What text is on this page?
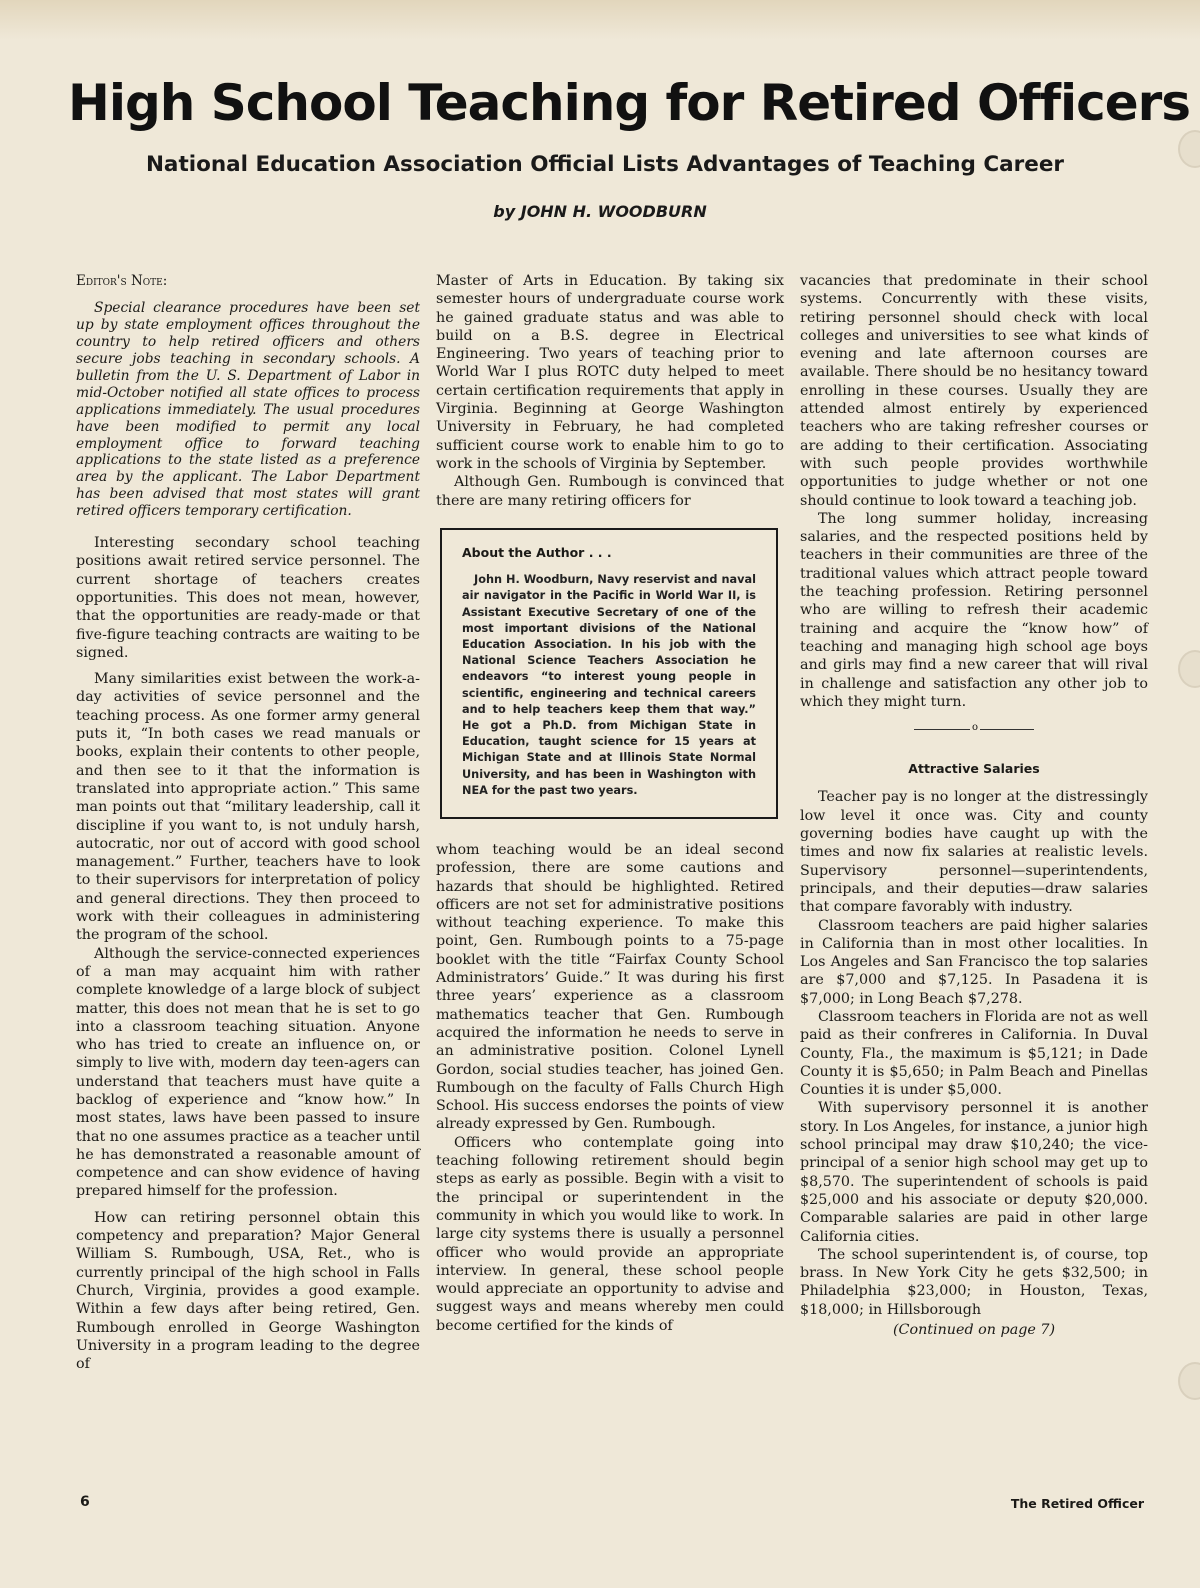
High School Teaching for Retired Officers
National Education Association Official Lists Advantages of Teaching Career
by JOHN H. WOODBURN

Editor's Note:

Special clearance procedures have been set up by state employment offices throughout the country to help retired officers and others secure jobs teaching in secondary schools. A bulletin from the U. S. Department of Labor in mid-October notified all state offices to process applications immediately. The usual procedures have been modified to permit any local employment office to forward teaching applications to the state listed as a preference area by the applicant. The Labor Department has been advised that most states will grant retired officers temporary certification.

Interesting secondary school teaching positions await retired service personnel. The current shortage of teachers creates opportunities. This does not mean, however, that the opportunities are ready-made or that five-figure teaching contracts are waiting to be signed.

Many similarities exist between the work-a-day activities of sevice personnel and the teaching process. As one former army general puts it, “In both cases we read manuals or books, explain their contents to other people, and then see to it that the information is translated into appropriate action.” This same man points out that “military leadership, call it discipline if you want to, is not unduly harsh, autocratic, nor out of accord with good school management.” Further, teachers have to look to their supervisors for interpretation of policy and general directions. They then proceed to work with their colleagues in administering the program of the school.

Although the service-connected experiences of a man may acquaint him with rather complete knowledge of a large block of subject matter, this does not mean that he is set to go into a classroom teaching situation. Anyone who has tried to create an influence on, or simply to live with, modern day teen-agers can understand that teachers must have quite a backlog of experience and “know how.” In most states, laws have been passed to insure that no one assumes practice as a teacher until he has demonstrated a reasonable amount of competence and can show evidence of having prepared himself for the profession.

How can retiring personnel obtain this competency and preparation? Major General William S. Rumbough, USA, Ret., who is currently principal of the high school in Falls Church, Virginia, provides a good example. Within a few days after being retired, Gen. Rumbough enrolled in George Washington University in a program leading to the degree of

Master of Arts in Education. By taking six semester hours of undergraduate course work he gained graduate status and was able to build on a B.S. degree in Electrical Engineering. Two years of teaching prior to World War I plus ROTC duty helped to meet certain certification requirements that apply in Virginia. Beginning at George Washington University in February, he had completed sufficient course work to enable him to go to work in the schools of Virginia by September.

Although Gen. Rumbough is convinced that there are many retiring officers for

About the Author . . .
John H. Woodburn, Navy reservist and naval air navigator in the Pacific in World War II, is Assistant Executive Secretary of one of the most important divisions of the National Education Association. In his job with the National Science Teachers Association he endeavors “to interest young people in scientific, engineering and technical careers and to help teachers keep them that way.” He got a Ph.D. from Michigan State in Education, taught science for 15 years at Michigan State and at Illinois State Normal University, and has been in Washington with NEA for the past two years.

whom teaching would be an ideal second profession, there are some cautions and hazards that should be highlighted. Retired officers are not set for administrative positions without teaching experience. To make this point, Gen. Rumbough points to a 75-page booklet with the title “Fairfax County School Administrators’ Guide.” It was during his first three years’ experience as a classroom mathematics teacher that Gen. Rumbough acquired the information he needs to serve in an administrative position. Colonel Lynell Gordon, social studies teacher, has joined Gen. Rumbough on the faculty of Falls Church High School. His success endorses the points of view already expressed by Gen. Rumbough.

Officers who contemplate going into teaching following retirement should begin steps as early as possible. Begin with a visit to the principal or superintendent in the community in which you would like to work. In large city systems there is usually a personnel officer who would provide an appropriate interview. In general, these school people would appreciate an opportunity to advise and suggest ways and means whereby men could become certified for the kinds of

vacancies that predominate in their school systems. Concurrently with these visits, retiring personnel should check with local colleges and universities to see what kinds of evening and late afternoon courses are available. There should be no hesitancy toward enrolling in these courses. Usually they are attended almost entirely by experienced teachers who are taking refresher courses or are adding to their certification. Associating with such people provides worthwhile opportunities to judge whether or not one should continue to look toward a teaching job.

The long summer holiday, increasing salaries, and the respected positions held by teachers in their communities are three of the traditional values which attract people toward the teaching profession. Retiring personnel who are willing to refresh their academic training and acquire the “know how” of teaching and managing high school age boys and girls may find a new career that will rival in challenge and satisfaction any other job to which they might turn.

o

Attractive Salaries

Teacher pay is no longer at the distressingly low level it once was. City and county governing bodies have caught up with the times and now fix salaries at realistic levels. Supervisory personnel—superintendents, principals, and their deputies—draw salaries that compare favorably with industry.

Classroom teachers are paid higher salaries in California than in most other localities. In Los Angeles and San Francisco the top salaries are $7,000 and $7,125. In Pasadena it is $7,000; in Long Beach $7,278.

Classroom teachers in Florida are not as well paid as their confreres in California. In Duval County, Fla., the maximum is $5,121; in Dade County it is $5,650; in Palm Beach and Pinellas Counties it is under $5,000.

With supervisory personnel it is another story. In Los Angeles, for instance, a junior high school principal may draw $10,240; the vice-principal of a senior high school may get up to $8,570. The superintendent of schools is paid $25,000 and his associate or deputy $20,000. Comparable salaries are paid in other large California cities.

The school superintendent is, of course, top brass. In New York City he gets $32,500; in Philadelphia $23,000; in Houston, Texas, $18,000; in Hillsborough

(Continued on page 7)

6	The Retired Officer
